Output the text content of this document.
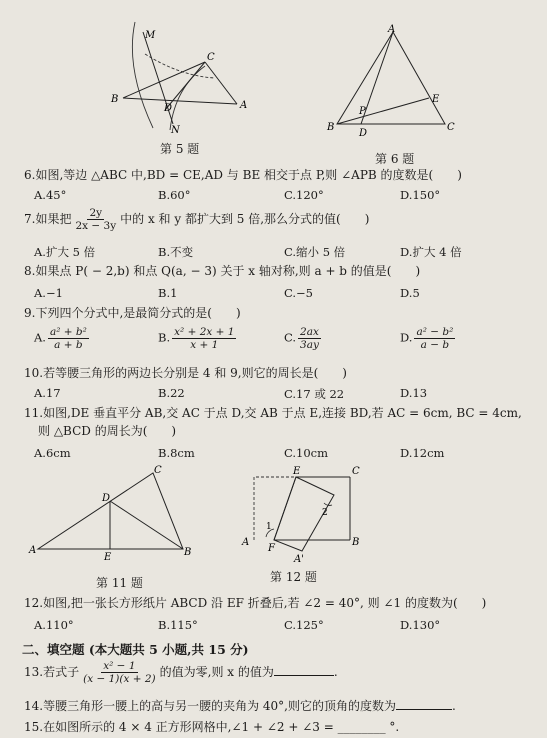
M
C
B
D	A
N
第 5 题
A
E
P
B
D
C
第 6 题
6.如图,等边 △ABC 中,BD = CE,AD 与 BE 相交于点 P,则 ∠APB 的度数是(　　)
A.45°	B.60°	C.120°	D.150°
7.如果把 $\frac{2y}{2x - 3y}$ 中的 x 和 y 都扩大到 5 倍,那么分式的值(　　)
A.扩大 5 倍	B.不变	C.缩小 5 倍	D.扩大 4 倍
8.如果点 P( − 2,b) 和点 Q(a, − 3) 关于 x 轴对称,则 a + b 的值是(　　)
A.−1	B.1	C.−5	D.5
9.下列四个分式中,是最简分式的是(　　)
A. $\frac{\text{a² + b²}}{a + b}$	B. $\frac{\text{x² + 2x + 1}}{x + 1}$	C. $\frac{2ax}{3ay}$	D. $\frac{\text{a² − b²}}{a - b}$
10.若等腰三角形的两边长分别是 4 和 9,则它的周长是(　　)
A.17	B.22	C.17 或 22	D.13
11.如图,DE 垂直平分 AB,交 AC 于点 D,交 AB 于点 E,连接 BD,若 AC = 6cm, BC = 4cm,
则 △BCD 的周长为(　　)
A.6cm	B.8cm	C.10cm	D.12cm
C
D
A
E	B
第 11 题
E	C
A
F
B
A'
1
2
第 12 题
12.如图,把一张长方形纸片 ABCD 沿 EF 折叠后,若 ∠2 = 40°, 则 ∠1 的度数为(　　)
A.110°	B.115°	C.125°	D.130°
二、填空题 (本大题共 5 小题,共 15 分)
13.若式子 $\frac{\text{x² − 1}}{(x - 1)(x + 2)}$ 的值为零,则 x 的值为	.
14.等腰三角形一腰上的高与另一腰的夹角为 40°,则它的顶角的度数为	.
15.在如图所示的 4 × 4 正方形网格中,∠1 + ∠2 + ∠3 = ________ °.
